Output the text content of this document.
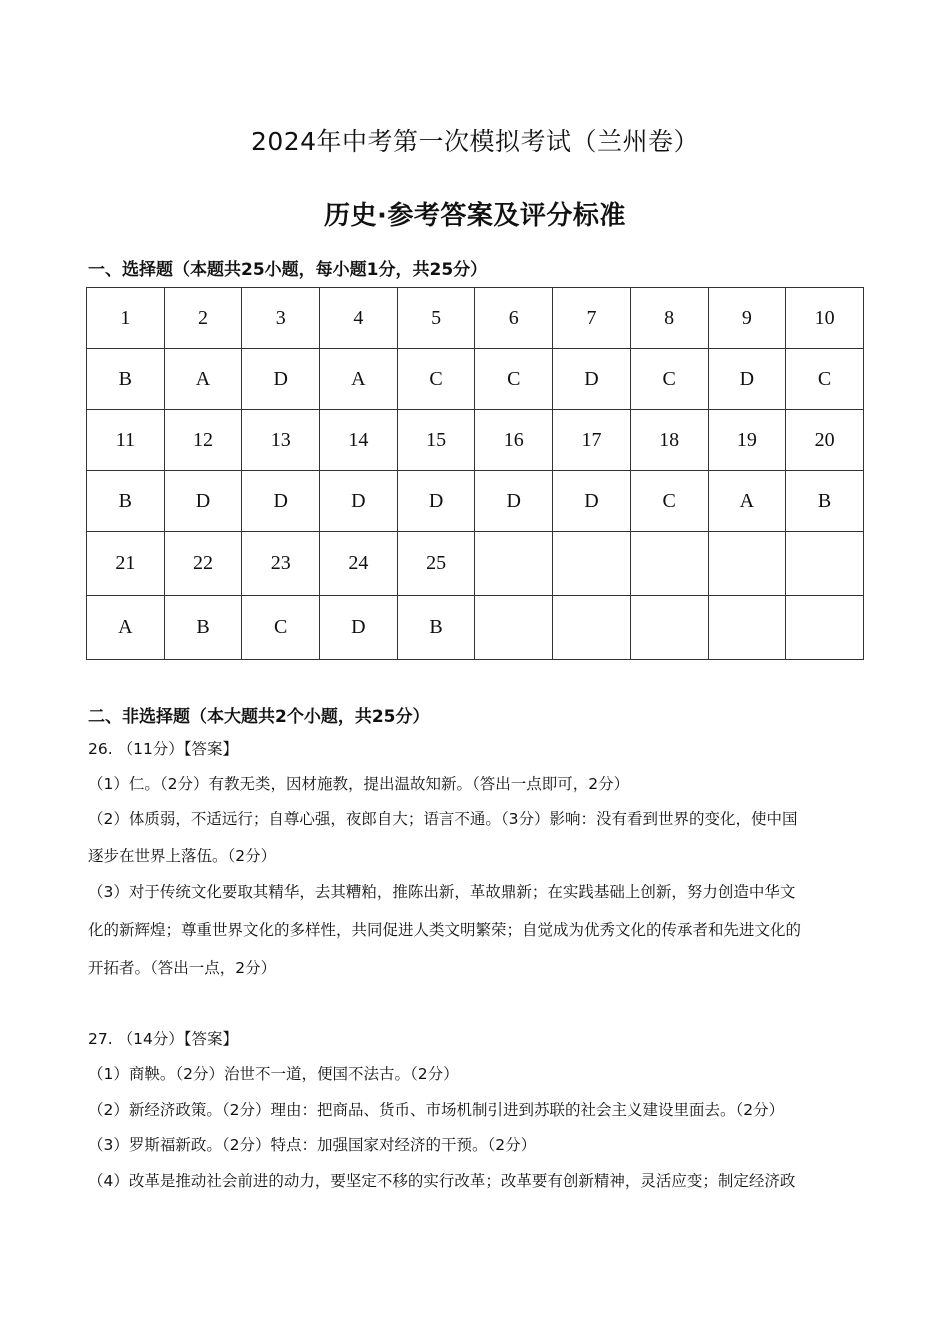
2024年中考第一次模拟考试（兰州卷）
历史·参考答案及评分标准
一、选择题（本题共25小题，每小题1分，共25分）
1	2	3	4	5	6	7	8	9	10
B	A	D	A	C	C	D	C	D	C
11	12	13	14	15	16	17	18	19	20
B	D	D	D	D	D	D	C	A	B
21	22	23	24	25					
A	B	C	D	B					
二、非选择题（本大题共2个小题，共25分）
26. （11分）【答案】
（1）仁。（2分）有教无类，因材施教，提出温故知新。（答出一点即可，2分）
（2）体质弱，不适远行；自尊心强，夜郎自大；语言不通。（3分）影响：没有看到世界的变化，使中国
逐步在世界上落伍。（2分）
（3）对于传统文化要取其精华，去其糟粕，推陈出新，革故鼎新；在实践基础上创新，努力创造中华文
化的新辉煌；尊重世界文化的多样性，共同促进人类文明繁荣；自觉成为优秀文化的传承者和先进文化的
开拓者。（答出一点，2分）
27. （14分）【答案】
（1）商鞅。（2分）治世不一道，便国不法古。（2分）
（2）新经济政策。（2分）理由：把商品、货币、市场机制引进到苏联的社会主义建设里面去。（2分）
（3）罗斯福新政。（2分）特点：加强国家对经济的干预。（2分）
（4）改革是推动社会前进的动力，要坚定不移的实行改革；改革要有创新精神，灵活应变；制定经济政
